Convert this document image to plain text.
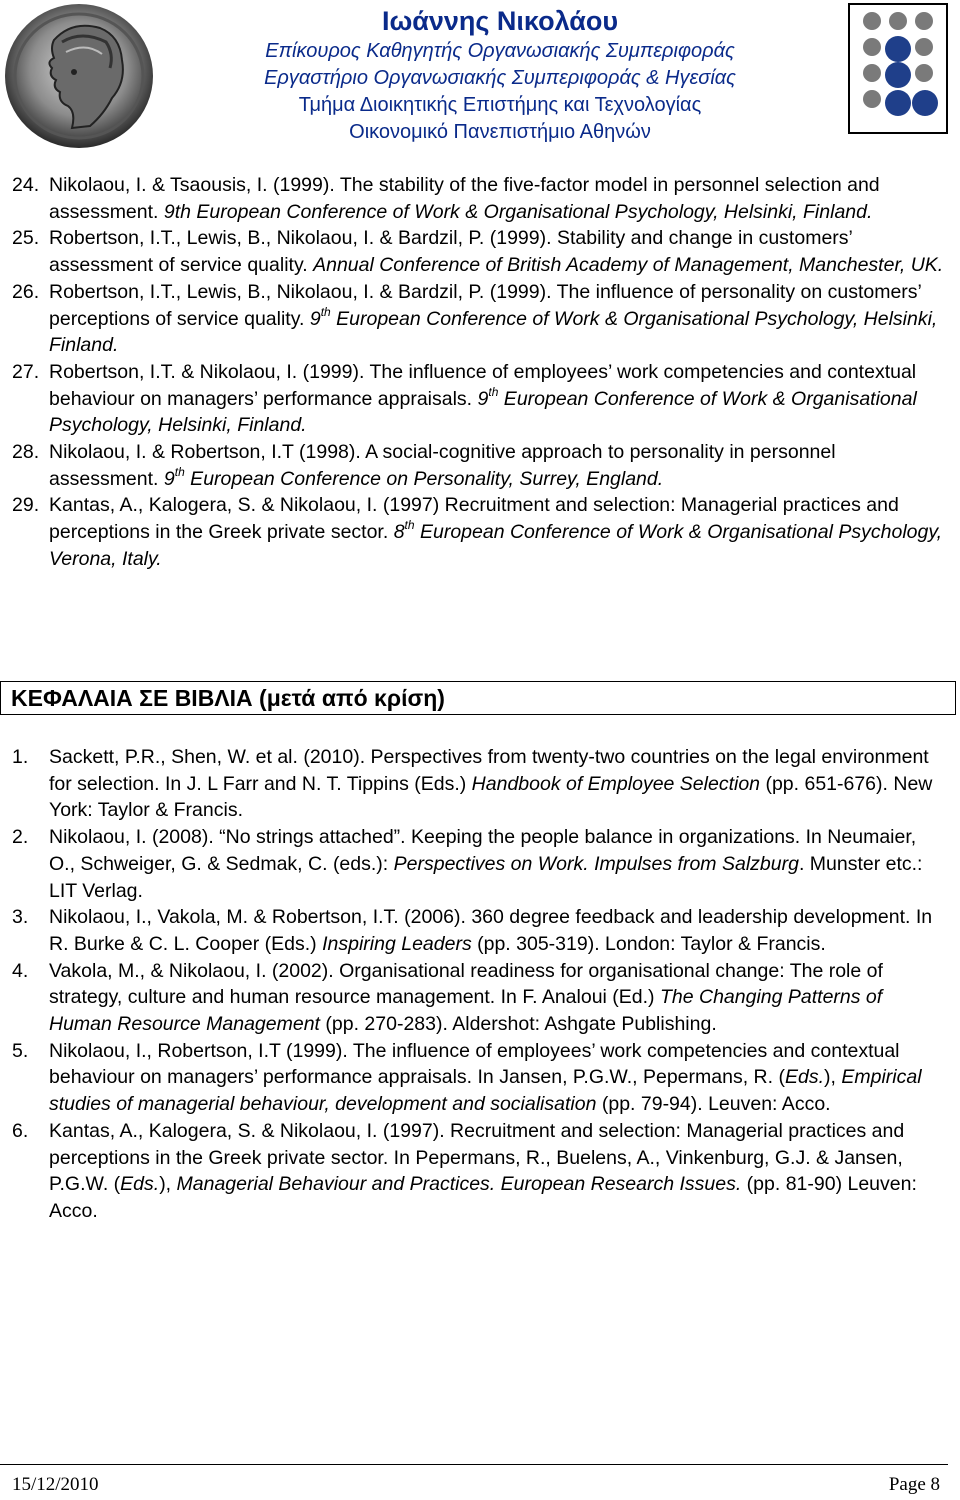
Ιωάννης Νικολάου
Επίκουρος Καθηγητής Οργανωσιακής Συμπεριφοράς
Εργαστήριο Οργανωσιακής Συμπεριφοράς & Ηγεσίας
Τμήμα Διοικητικής Επιστήμης και Τεχνολογίας
Οικονομικό Πανεπιστήμιο Αθηνών
24. Nikolaou, I. & Tsaousis, I. (1999). The stability of the five-factor model in personnel selection and assessment. 9th European Conference of Work & Organisational Psychology, Helsinki, Finland.
25. Robertson, I.T., Lewis, B., Nikolaou, I. & Bardzil, P. (1999). Stability and change in customers’ assessment of service quality. Annual Conference of British Academy of Management, Manchester, UK.
26. Robertson, I.T., Lewis, B., Nikolaou, I. & Bardzil, P. (1999). The influence of personality on customers’ perceptions of service quality. 9th European Conference of Work & Organisational Psychology, Helsinki, Finland.
27. Robertson, I.T. & Nikolaou, I. (1999). The influence of employees’ work competencies and contextual behaviour on managers’ performance appraisals. 9th European Conference of Work & Organisational Psychology, Helsinki, Finland.
28. Nikolaou, I. & Robertson, I.T (1998). A social-cognitive approach to personality in personnel assessment. 9th European Conference on Personality, Surrey, England.
29. Kantas, A., Kalogera, S. & Nikolaou, I. (1997) Recruitment and selection: Managerial practices and perceptions in the Greek private sector. 8th European Conference of Work & Organisational Psychology, Verona, Italy.
ΚΕΦΑΛΑΙΑ ΣΕ ΒΙΒΛΙΑ (μετά από κρίση)
1. Sackett, P.R., Shen, W. et al. (2010). Perspectives from twenty-two countries on the legal environment for selection. In J. L Farr and N. T. Tippins (Eds.) Handbook of Employee Selection (pp. 651-676). New York: Taylor & Francis.
2. Nikolaou, I. (2008). “No strings attached”. Keeping the people balance in organizations. In Neumaier, O., Schweiger, G. & Sedmak, C. (eds.): Perspectives on Work. Impulses from Salzburg. Munster etc.: LIT Verlag.
3. Nikolaou, I., Vakola, M. & Robertson, I.T. (2006). 360 degree feedback and leadership development. In R. Burke & C. L. Cooper (Eds.) Inspiring Leaders (pp. 305-319). London: Taylor & Francis.
4. Vakola, M., & Nikolaou, I. (2002). Organisational readiness for organisational change: The role of strategy, culture and human resource management. In F. Analoui (Ed.) The Changing Patterns of Human Resource Management (pp. 270-283). Aldershot: Ashgate Publishing.
5. Nikolaou, I., Robertson, I.T (1999). The influence of employees’ work competencies and contextual behaviour on managers’ performance appraisals. In Jansen, P.G.W., Pepermans, R. (Eds.), Empirical studies of managerial behaviour, development and socialisation (pp. 79-94). Leuven: Acco.
6. Kantas, A., Kalogera, S. & Nikolaou, I. (1997). Recruitment and selection: Managerial practices and perceptions in the Greek private sector. In Pepermans, R., Buelens, A., Vinkenburg, G.J. & Jansen, P.G.W. (Eds.), Managerial Behaviour and Practices. European Research Issues. (pp. 81-90) Leuven: Acco.
15/12/2010	Page 8
